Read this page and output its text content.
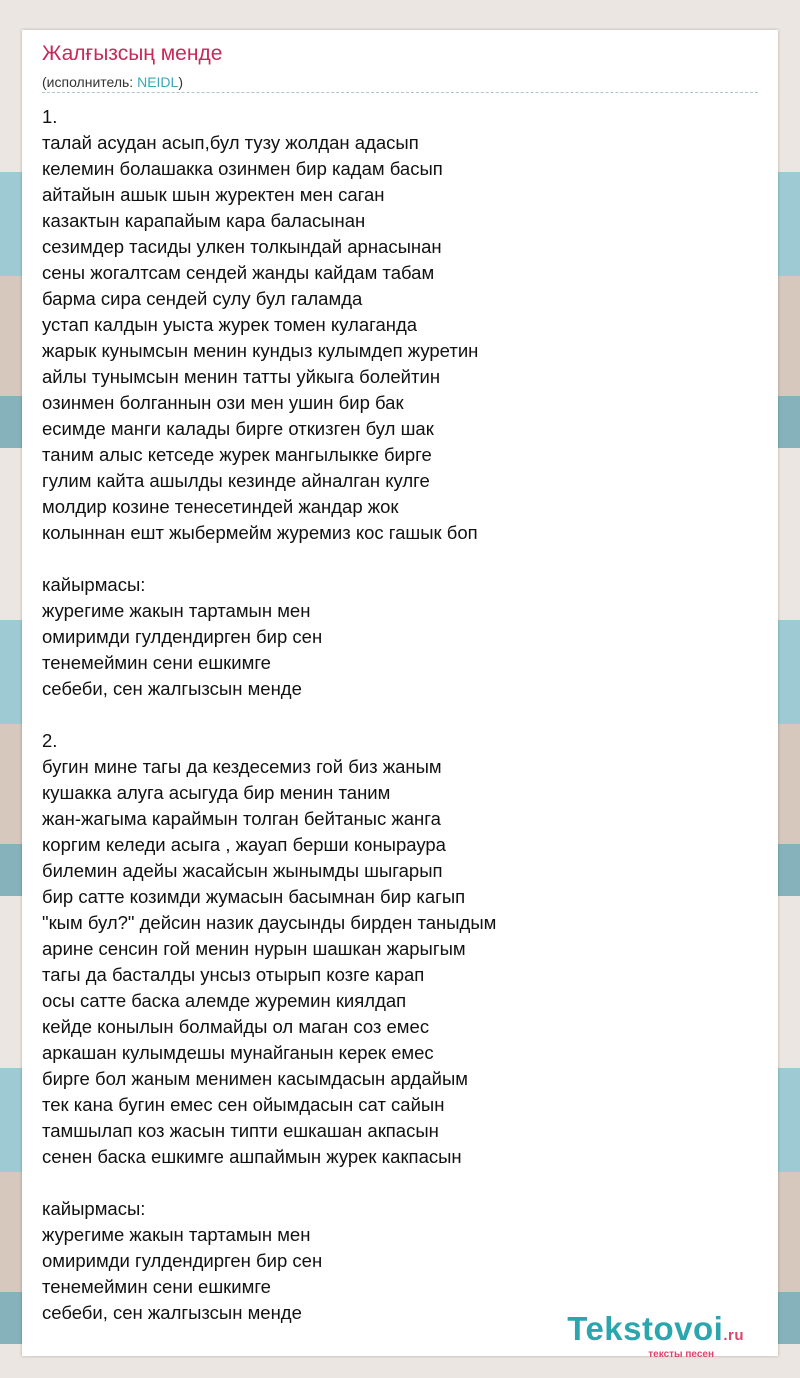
Жалғызсың менде
(исполнитель: NEIDL)
1.
талай асудан асып,бул тузу жолдан адасып
келемин болашакка озинмен бир кадам басып
айтайын ашык шын журектен мен саган
казактын карапайым кара баласынан
сезимдер тасиды улкен толкындай арнасынан
сены жогалтсам сендей жанды кайдам табам
барма сира сендей сулу бул галамда
устап калдын уыста журек томен кулаганда
жарык кунымсын менин кундыз кулымдеп журетин
айлы тунымсын менин татты уйкыга болейтин
озинмен болганнын ози мен ушин бир бак
есимде манги калады бирге откизген бул шак
таним алыс кетседе журек мангылыкке бирге
гулим кайта ашылды кезинде айналган кулге
молдир козине тенесетиндей жандар жок
колыннан ешт жыбермейм журемиз кос гашык боп
кайырмасы:
журегиме жакын тартамын мен
омиримди гулдендирген бир сен
тенемеймин сени ешкимге
себеби, сен жалгызсын менде
2.
бугин мине тагы да кездесемиз гой биз жаным
кушакка алуга асыгуда бир менин таним
жан-жагыма караймын толган бейтаныс жанга
коргим келеди асыга , жауап берши коныраура
билемин адейы жасайсын жынымды шыгарып
бир сатте козимди жумасын басымнан бир кагып
"кым бул?" дейсин назик даусынды бирден таныдым
арине сенсин гой менин нурын шашкан жарыгым
тагы да басталды унсыз отырып козге карап
осы сатте баска алемде журемин киялдап
кейде конылын болмайды ол маган соз емес
аркашан кулымдешы мунайганын керек емес
бирге бол жаным менимен касымдасын ардайым
тек кана бугин емес сен ойымдасын сат сайын
тамшылап коз жасын типти ешкашан акпасын
сенен баска ешкимге ашпаймын журек какпасын
кайырмасы:
журегиме жакын тартамын мен
омиримди гулдендирген бир сен
тенемеймин сени ешкимге
себеби, сен жалгызсын менде	Tekstovoi.ru
тексты песен
